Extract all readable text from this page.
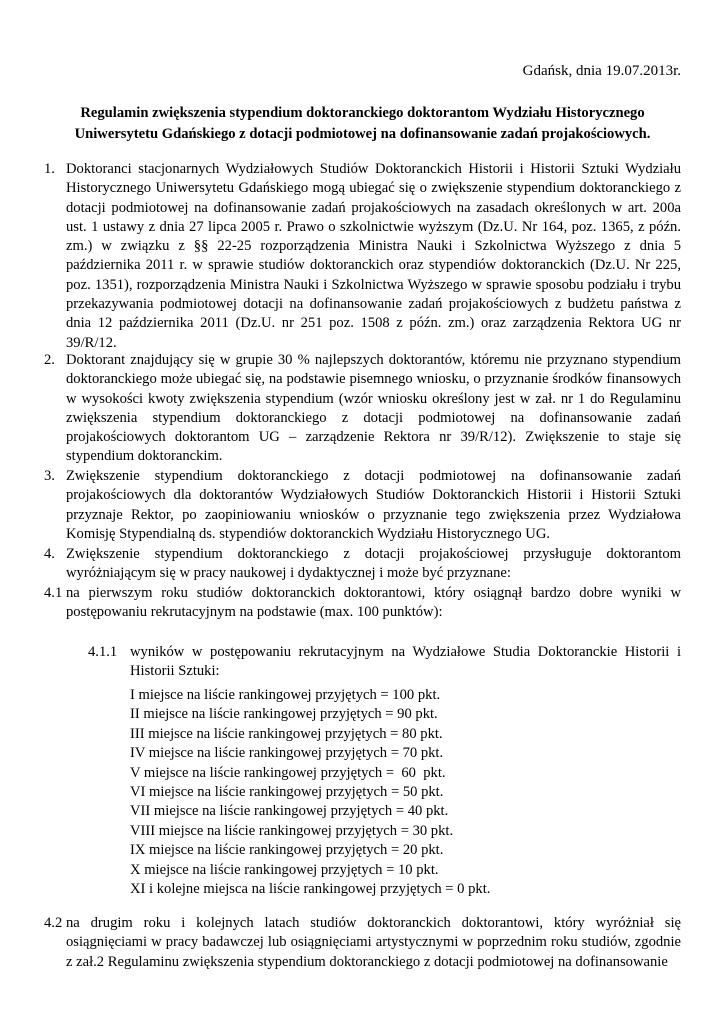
Gdańsk, dnia 19.07.2013r.
Regulamin zwiększenia stypendium doktoranckiego doktorantom Wydziału Historycznego
Uniwersytetu Gdańskiego z dotacji podmiotowej na dofinansowanie zadań projakościowych.
1. Doktoranci stacjonarnych Wydziałowych Studiów Doktoranckich Historii i Historii Sztuki Wydziału Historycznego Uniwersytetu Gdańskiego mogą ubiegać się o zwiększenie stypendium doktoranckiego z dotacji podmiotowej na dofinansowanie zadań projakościowych na zasadach określonych w art. 200a ust. 1 ustawy z dnia 27 lipca 2005 r. Prawo o szkolnictwie wyższym (Dz.U. Nr 164, poz. 1365, z późn. zm.) w związku z §§ 22-25 rozporządzenia Ministra Nauki i Szkolnictwa Wyższego z dnia 5 października 2011 r. w sprawie studiów doktoranckich oraz stypendiów doktoranckich (Dz.U. Nr 225, poz. 1351), rozporządzenia Ministra Nauki i Szkolnictwa Wyższego w sprawie sposobu podziału i trybu przekazywania podmiotowej dotacji na dofinansowanie zadań projakościowych z budżetu państwa z dnia 12 października 2011 (Dz.U. nr 251 poz. 1508 z późn. zm.) oraz zarządzenia Rektora UG nr 39/R/12.
2. Doktorant znajdujący się w grupie 30 % najlepszych doktorantów, któremu nie przyznano stypendium doktoranckiego może ubiegać się, na podstawie pisemnego wniosku, o przyznanie środków finansowych w wysokości kwoty zwiększenia stypendium (wzór wniosku określony jest w zał. nr 1 do Regulaminu zwiększenia stypendium doktoranckiego z dotacji podmiotowej na dofinansowanie zadań projakościowych doktorantom UG – zarządzenie Rektora nr 39/R/12). Zwiększenie to staje się stypendium doktoranckim.
3. Zwiększenie stypendium doktoranckiego z dotacji podmiotowej na dofinansowanie zadań projakościowych dla doktorantów Wydziałowych Studiów Doktoranckich Historii i Historii Sztuki przyznaje Rektor, po zaopiniowaniu wniosków o przyznanie tego zwiększenia przez Wydziałowa Komisję Stypendialną ds. stypendiów doktoranckich Wydziału Historycznego UG.
4. Zwiększenie stypendium doktoranckiego z dotacji projakościowej przysługuje doktorantom wyróżniającym się w pracy naukowej i dydaktycznej i może być przyznane:
4.1 na pierwszym roku studiów doktoranckich doktorantowi, który osiągnął bardzo dobre wyniki w postępowaniu rekrutacyjnym na podstawie (max. 100 punktów):
4.1.1 wyników w postępowaniu rekrutacyjnym na Wydziałowe Studia Doktoranckie Historii i Historii Sztuki:
I miejsce na liście rankingowej przyjętych = 100 pkt.
II miejsce na liście rankingowej przyjętych = 90 pkt.
III miejsce na liście rankingowej przyjętych = 80 pkt.
IV miejsce na liście rankingowej przyjętych = 70 pkt.
V miejsce na liście rankingowej przyjętych =  60  pkt.
VI miejsce na liście rankingowej przyjętych = 50 pkt.
VII miejsce na liście rankingowej przyjętych = 40 pkt.
VIII miejsce na liście rankingowej przyjętych = 30 pkt.
IX miejsce na liście rankingowej przyjętych = 20 pkt.
X miejsce na liście rankingowej przyjętych = 10 pkt.
XI i kolejne miejsca na liście rankingowej przyjętych = 0 pkt.
4.2 na drugim roku i kolejnych latach studiów doktoranckich doktorantowi, który wyróżniał się osiągnięciami w pracy badawczej lub osiągnięciami artystycznymi w poprzednim roku studiów, zgodnie z zał.2 Regulaminu zwiększenia stypendium doktoranckiego z dotacji podmiotowej na dofinansowanie
